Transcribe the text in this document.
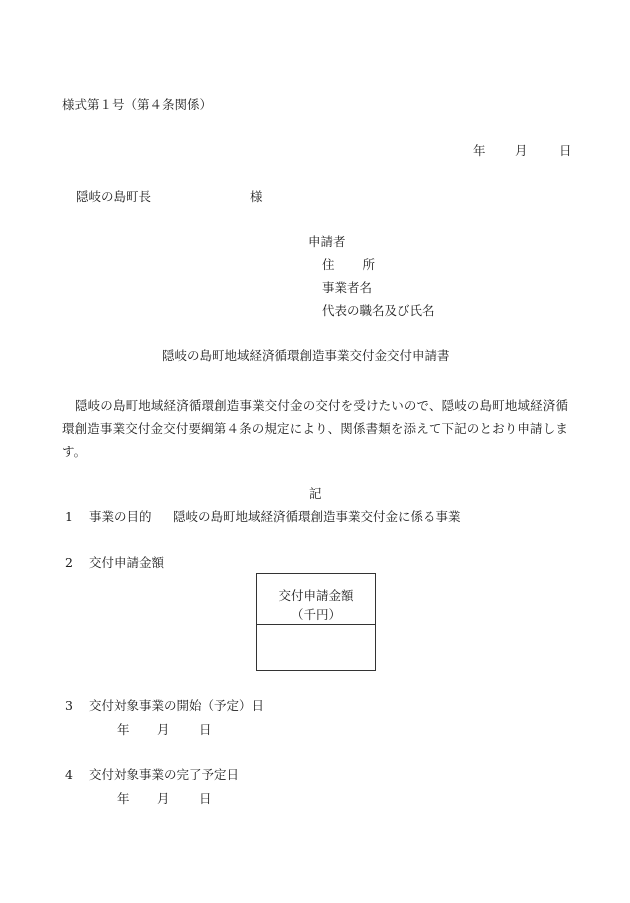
様式第１号（第４条関係）
年 月	日
隠岐の島町長	様
申請者
住 所
事業者名
代表の職名及び氏名
隠岐の島町地域経済循環創造事業交付金交付申請書
隠岐の島町地域経済循環創造事業交付金の交付を受けたいので、隠岐の島町地域経済循環創造事業交付金交付要綱第４条の規定により、関係書類を添えて下記のとおり申請します。
記
1 事業の目的 隠岐の島町地域経済循環創造事業交付金に係る事業
2 交付申請金額
交付申請金額
（千円）
3 交付対象事業の開始（予定）日
年 月 日
4 交付対象事業の完了予定日
年 月 日
